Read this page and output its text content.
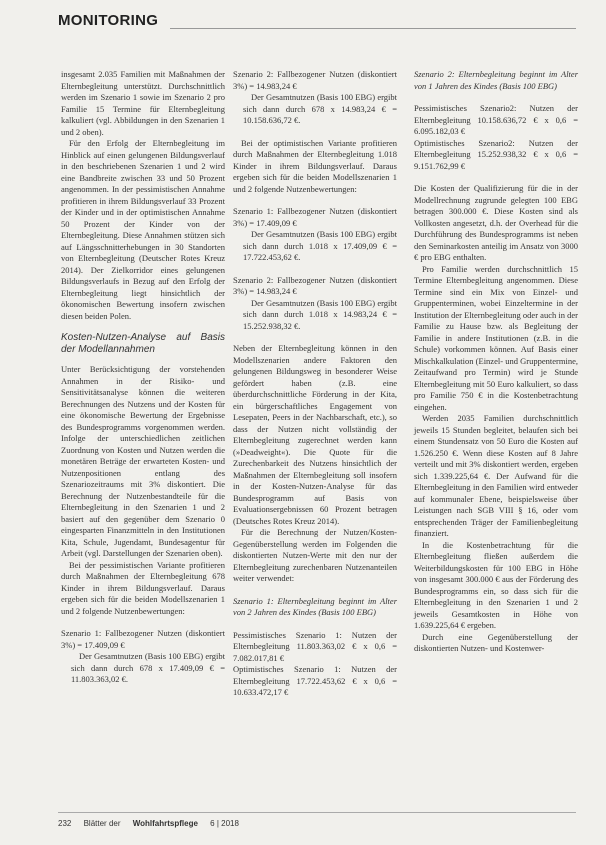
MONITORING

insgesamt 2.035 Familien mit Maßnahmen der Elternbegleitung unterstützt. Durchschnittlich werden im Szenario 1 sowie im Szenario 2 pro Familie 15 Termine für Elternbegleitung kalkuliert (vgl. Abbildungen in den Szenarien 1 und 2 oben).

Für den Erfolg der Elternbegleitung im Hinblick auf einen gelungenen Bildungsverlauf in den beschriebenen Szenarien 1 und 2 wird eine Bandbreite zwischen 33 und 50 Prozent angenommen. In der pessimistischen Annahme profitieren in ihrem Bildungsverlauf 33 Prozent der Kinder und in der optimistischen Annahme 50 Prozent der Kinder von der Elternbegleitung. Diese Annahmen stützen sich auf Längsschnitterhebungen in 30 Standorten von Elternbegleitung (Deutscher Rotes Kreuz 2014). Der Zielkorridor eines gelungenen Bildungsverlaufs in Bezug auf den Erfolg der Elternbegleitung liegt hinsichtlich der ökonomischen Bewertung insofern zwischen diesen beiden Polen.

Kosten-Nutzen-Analyse auf Basis der Modellannahmen

Unter Berücksichtigung der vorstehenden Annahmen in der Risiko- und Sensitivitätsanalyse können die weiteren Berechnungen des Nutzens und der Kosten für eine ökonomische Bewertung der Ergebnisse des Bundesprogramms vorgenommen werden. Infolge der unterschiedlichen zeitlichen Zuordnung von Kosten und Nutzen werden die monetären Beträge der erwarteten Kosten- und Nutzenpositionen entlang des Szenariozeitraums mit 3% diskontiert. Die Berechnung der Nutzenbestandteile für die Elternbegleitung in den Szenarien 1 und 2 basiert auf den gegenüber dem Szenario 0 eingesparten Finanzmitteln in den Institutionen Kita, Schule, Jugendamt, Bundesagentur für Arbeit (vgl. Darstellungen der Szenarien oben).

Bei der pessimistischen Variante profitieren durch Maßnahmen der Elternbegleitung 678 Kinder in ihrem Bildungsverlauf. Daraus ergeben sich für die beiden Modellszenarien 1 und 2 folgende Nutzenbewertungen:

Szenario 1: Fallbezogener Nutzen (diskontiert 3%) = 17.409,09 €

Der Gesamtnutzen (Basis 100 EBG) ergibt sich dann durch 678 x 17.409,09 € = 11.803.363,02 €.

Szenario 2: Fallbezogener Nutzen (diskontiert 3%) = 14.983,24 €

Der Gesamtnutzen (Basis 100 EBG) ergibt sich dann durch 678 x 14.983,24 € = 10.158.636,72 €.

Bei der optimistischen Variante profitieren durch Maßnahmen der Elternbegleitung 1.018 Kinder in ihrem Bildungsverlauf. Daraus ergeben sich für die beiden Modellszenarien 1 und 2 folgende Nutzenbewertungen:

Szenario 1: Fallbezogener Nutzen (diskontiert 3%) = 17.409,09 €

Der Gesamtnutzen (Basis 100 EBG) ergibt sich dann durch 1.018 x 17.409,09 € = 17.722.453,62 €.

Szenario 2: Fallbezogener Nutzen (diskontiert 3%) = 14.983,24 €

Der Gesamtnutzen (Basis 100 EBG) ergibt sich dann durch 1.018 x 14.983,24 € = 15.252.938,32 €.

Neben der Elternbegleitung können in den Modellszenarien andere Faktoren den gelungenen Bildungsweg in besonderer Weise gefördert haben (z.B. eine überdurchschnittliche Förderung in der Kita, ein bürgerschaftliches Engagement von Lesepaten, Peers in der Nachbarschaft, etc.), so dass der Nutzen nicht vollständig der Elternbegleitung zugerechnet werden kann (»Deadweight«). Die Quote für die Zurechenbarkeit des Nutzens hinsichtlich der Maßnahmen der Elternbegleitung soll insofern in der Kosten-Nutzen-Analyse für das Bundesprogramm auf Basis von Evaluationsergebnissen 60 Prozent betragen (Deutsches Rotes Kreuz 2014).

Für die Berechnung der Nutzen/Kosten-Gegenüberstellung werden im Folgenden die diskontierten Nutzen-Werte mit den nur der Elternbegleitung zurechenbaren Nutzenanteilen weiter verwendet:

Szenario 1: Elternbegleitung beginnt im Alter von 2 Jahren des Kindes (Basis 100 EBG)

Pessimistisches Szenario 1: Nutzen der Elternbegleitung 11.803.363,02 € x 0,6 = 7.082.017,81 €

Optimistisches Szenario 1: Nutzen der Elternbegleitung 17.722.453,62 € x 0,6 = 10.633.472,17 €

Szenario 2: Elternbegleitung beginnt im Alter von 1 Jahren des Kindes (Basis 100 EBG)

Pessimistisches Szenario2: Nutzen der Elternbegleitung 10.158.636,72 € x 0,6 = 6.095.182,03 €

Optimistisches Szenario2: Nutzen der Elternbegleitung 15.252.938,32 € x 0,6 = 9.151.762,99 €

Die Kosten der Qualifizierung für die in der Modellrechnung zugrunde gelegten 100 EBG betragen 300.000 €. Diese Kosten sind als Vollkosten angesetzt, d.h. der Overhead für die Durchführung des Bundesprogramms ist neben den Seminarkosten anteilig im Ansatz von 3000 € pro EBG enthalten.

Pro Familie werden durchschnittlich 15 Termine Elternbegleitung angenommen. Diese Termine sind ein Mix von Einzel- und Gruppenterminen, wobei Einzeltermine in der Institution der Elternbegleitung oder auch in der Familie zu Hause bzw. als Begleitung der Familie in andere Institutionen (z.B. in die Schule) vorkommen können. Auf Basis einer Mischkalkulation (Einzel- und Gruppentermine, Zeitaufwand pro Termin) wird je Stunde Elternbegleitung mit 50 Euro kalkuliert, so dass pro Familie 750 € in die Kostenbetrachtung eingehen.

Werden 2035 Familien durchschnittlich jeweils 15 Stunden begleitet, belaufen sich bei einem Stundensatz von 50 Euro die Kosten auf 1.526.250 €. Wenn diese Kosten auf 8 Jahre verteilt und mit 3% diskontiert werden, ergeben sich 1.339.225,64 €. Der Aufwand für die Elternbegleitung in den Familien wird entweder auf kommunaler Ebene, beispielsweise über Leistungen nach SGB VIII § 16, oder vom entsprechenden Träger der Familienbegleitung finanziert.

In die Kostenbetrachtung für die Elternbegleitung fließen außerdem die Weiterbildungskosten für 100 EBG in Höhe von insgesamt 300.000 € aus der Förderung des Bundesprogramms ein, so dass sich für die Elternbegleitung in den Szenarien 1 und 2 jeweils Gesamtkosten in Höhe von 1.639.225,64 € ergeben.

Durch eine Gegenüberstellung der diskontierten Nutzen- und Kostenwer-

232 Blätter der Wohlfahrtspflege 6 | 2018
